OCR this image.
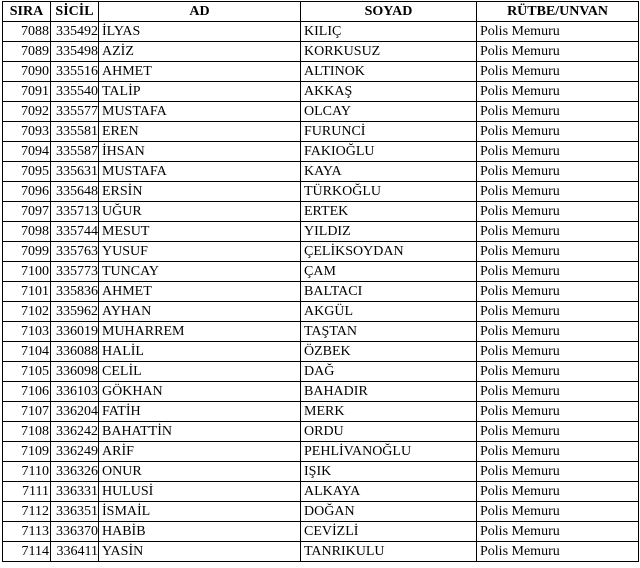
SIRA	SİCİL	AD	SOYAD	RÜTBE/UNVAN
7088	335492	İLYAS	KILIÇ	Polis Memuru
7089	335498	AZİZ	KORKUSUZ	Polis Memuru
7090	335516	AHMET	ALTINOK	Polis Memuru
7091	335540	TALİP	AKKAŞ	Polis Memuru
7092	335577	MUSTAFA	OLCAY	Polis Memuru
7093	335581	EREN	FURUNCİ	Polis Memuru
7094	335587	İHSAN	FAKIOĞLU	Polis Memuru
7095	335631	MUSTAFA	KAYA	Polis Memuru
7096	335648	ERSİN	TÜRKOĞLU	Polis Memuru
7097	335713	UĞUR	ERTEK	Polis Memuru
7098	335744	MESUT	YILDIZ	Polis Memuru
7099	335763	YUSUF	ÇELİKSOYDAN	Polis Memuru
7100	335773	TUNCAY	ÇAM	Polis Memuru
7101	335836	AHMET	BALTACI	Polis Memuru
7102	335962	AYHAN	AKGÜL	Polis Memuru
7103	336019	MUHARREM	TAŞTAN	Polis Memuru
7104	336088	HALİL	ÖZBEK	Polis Memuru
7105	336098	CELİL	DAĞ	Polis Memuru
7106	336103	GÖKHAN	BAHADIR	Polis Memuru
7107	336204	FATİH	MERK	Polis Memuru
7108	336242	BAHATTİN	ORDU	Polis Memuru
7109	336249	ARİF	PEHLİVANOĞLU	Polis Memuru
7110	336326	ONUR	IŞIK	Polis Memuru
7111	336331	HULUSİ	ALKAYA	Polis Memuru
7112	336351	İSMAİL	DOĞAN	Polis Memuru
7113	336370	HABİB	CEVİZLİ	Polis Memuru
7114	336411	YASİN	TANRIKULU	Polis Memuru
